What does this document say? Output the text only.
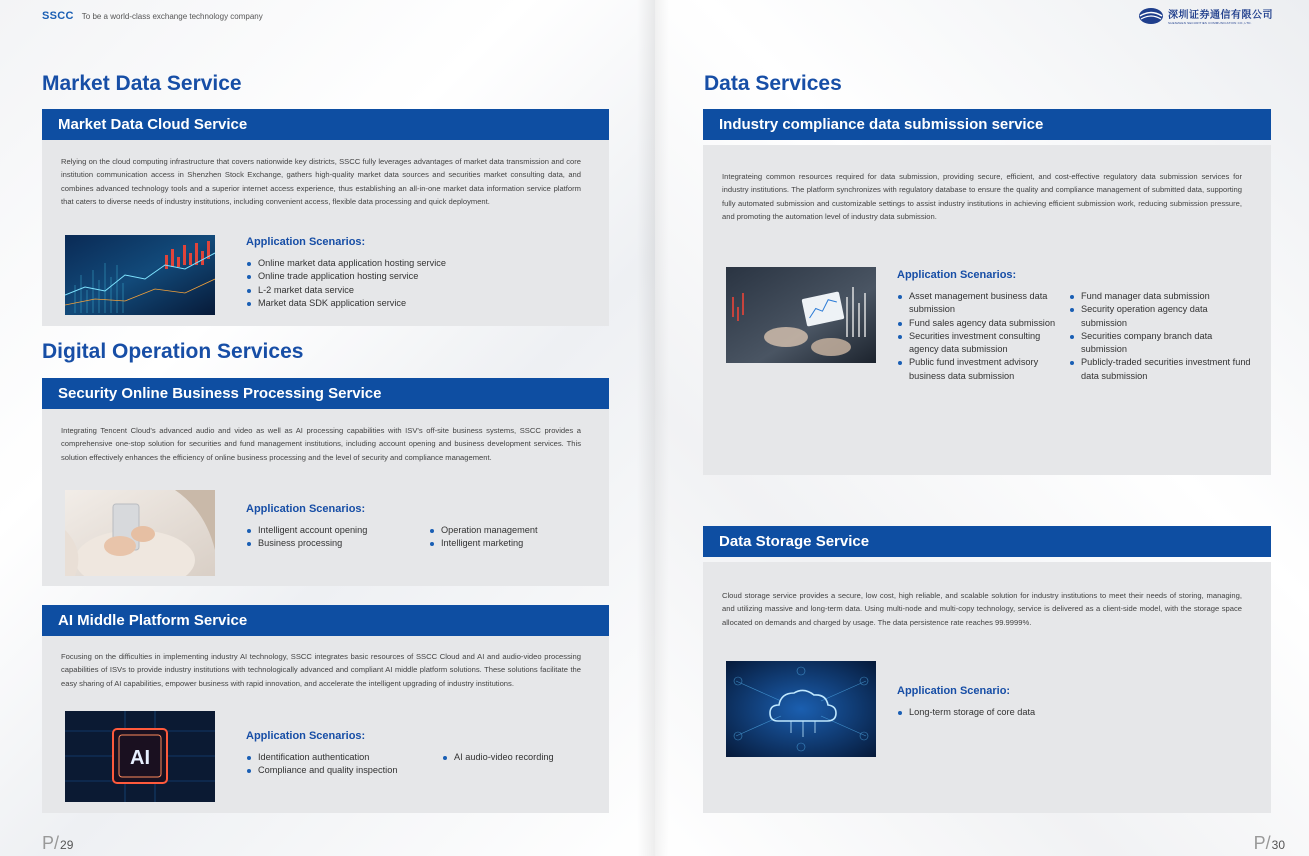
SSCC To be a world-class exchange technology company
Market Data Service
Market Data Cloud Service
Relying on the cloud computing infrastructure that covers nationwide key districts, SSCC fully leverages advantages of market data transmission and core institution communication access in Shenzhen Stock Exchange, gathers high-quality market data sources and securities market consulting data, and combines advanced technology tools and a superior internet access experience, thus establishing an all-in-one market data information service platform that caters to diverse needs of industry institutions, including convenient access, flexible data processing and quick deployment.
Application Scenarios:
Online market data application hosting service
Online trade application hosting service
L-2 market data service
Market data SDK application service
Digital Operation Services
Security Online Business Processing Service
Integrating Tencent Cloud's advanced audio and video as well as AI processing capabilities with ISV's off-site business systems, SSCC provides a comprehensive one-stop solution for securities and fund management institutions, including account opening and business development services. This solution effectively enhances the efficiency of online business processing and the level of security and compliance management.
Application Scenarios:
Intelligent account opening
Business processing
Operation management
Intelligent marketing
AI Middle Platform Service
Focusing on the difficulties in implementing industry AI technology, SSCC integrates basic resources of SSCC Cloud and AI and audio-video processing capabilities of ISVs to provide industry institutions with technologically advanced and compliant AI middle platform solutions. These solutions facilitate the easy sharing of AI capabilities, empower business with rapid innovation, and accelerate the intelligent upgrading of industry institutions.
AI
Application Scenarios:
Identification authentication
Compliance and quality inspection
AI audio-video recording
P/ 29
深圳证券通信有限公司
SHENZHEN SECURITIES COMMUNICATION CO.,LTD.
Data Services
Industry compliance data submission service
Integrateing common resources required for data submission, providing secure, efficient, and cost-effective regulatory data submission services for industry institutions. The platform synchronizes with regulatory database to ensure the quality and compliance management of submitted data, supporting fully automated submission and customizable settings to assist industry institutions in achieving efficient submission work, reducing submission pressure, and promoting the automation level of industry data submission.
Application Scenarios:
Asset management business data submission
Fund sales agency data submission
Securities investment consulting agency data submission
Public fund investment advisory business data submission
Fund manager data submission
Security operation agency data submission
Securities company branch data submission
Publicly-traded securities investment fund data submission
Data Storage Service
Cloud storage service provides a secure, low cost, high reliable, and scalable solution for industry institutions to meet their needs of storing, managing, and utilizing massive and long-term data. Using multi-node and multi-copy technology, service is delivered as a client-side model, with the storage space allocated on demands and charged by usage. The data persistence rate reaches 99.9999%.
Application Scenario:
Long-term storage of core data
P/ 30
